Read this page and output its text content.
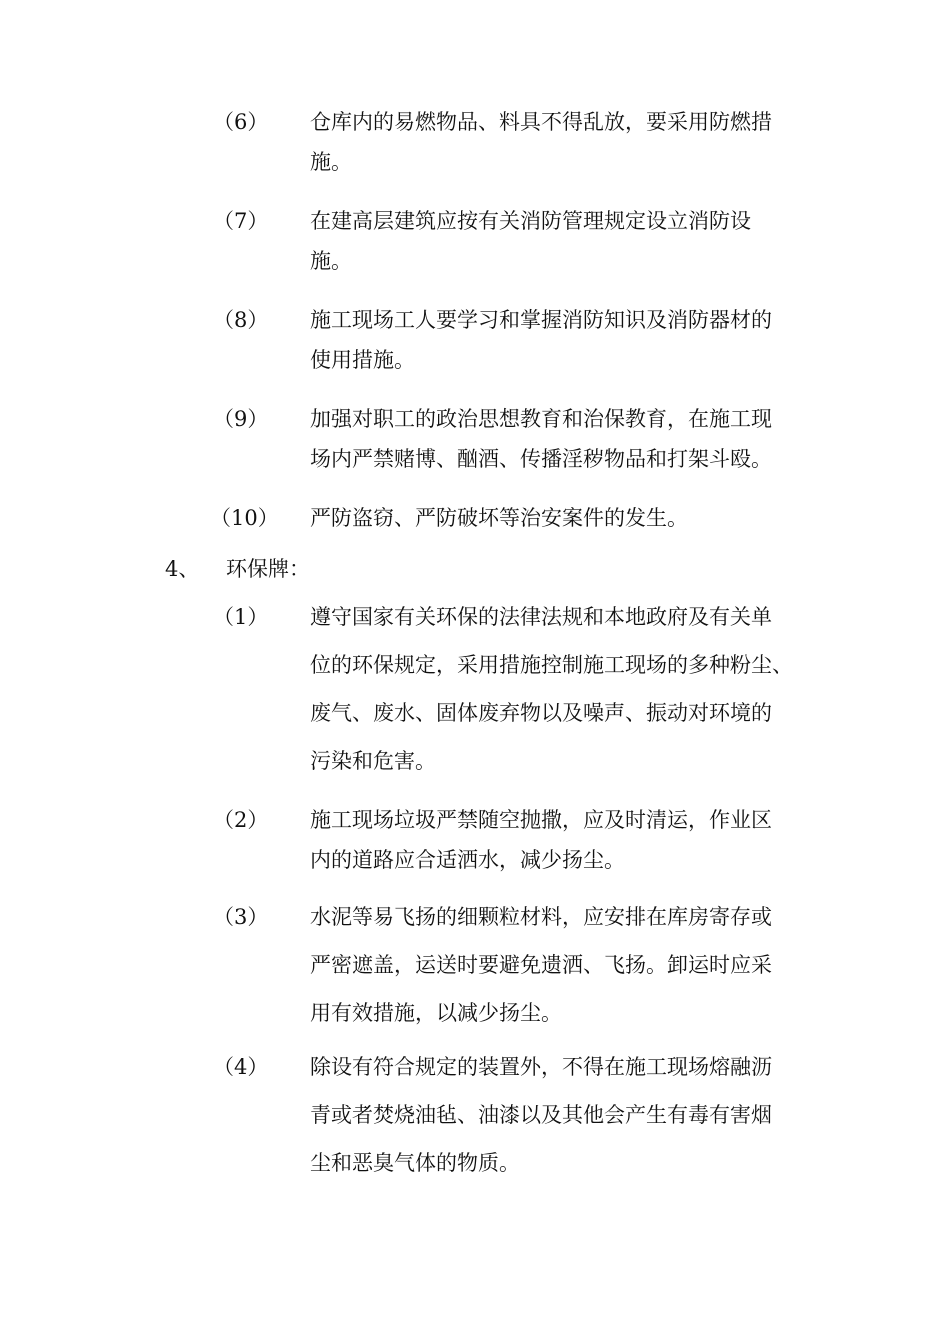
（6） 仓库内的易燃物品、料具不得乱放，要采用防燃措
施。
（7） 在建高层建筑应按有关消防管理规定设立消防设
施。
（8） 施工现场工人要学习和掌握消防知识及消防器材的
使用措施。
（9） 加强对职工的政治思想教育和治保教育，在施工现
场内严禁赌博、酗酒、传播淫秽物品和打架斗殴。
（10） 严防盗窃、严防破坏等治安案件的发生。
4、 环保牌：
（1） 遵守国家有关环保的法律法规和本地政府及有关单
位的环保规定，采用措施控制施工现场的多种粉尘、
废气、废水、固体废弃物以及噪声、振动对环境的
污染和危害。
（2） 施工现场垃圾严禁随空抛撒，应及时清运，作业区
内的道路应合适洒水，减少扬尘。
（3） 水泥等易飞扬的细颗粒材料，应安排在库房寄存或
严密遮盖，运送时要避免遗洒、飞扬。卸运时应采
用有效措施，以减少扬尘。
（4） 除设有符合规定的装置外，不得在施工现场熔融沥
青或者焚烧油毡、油漆以及其他会产生有毒有害烟
尘和恶臭气体的物质。
